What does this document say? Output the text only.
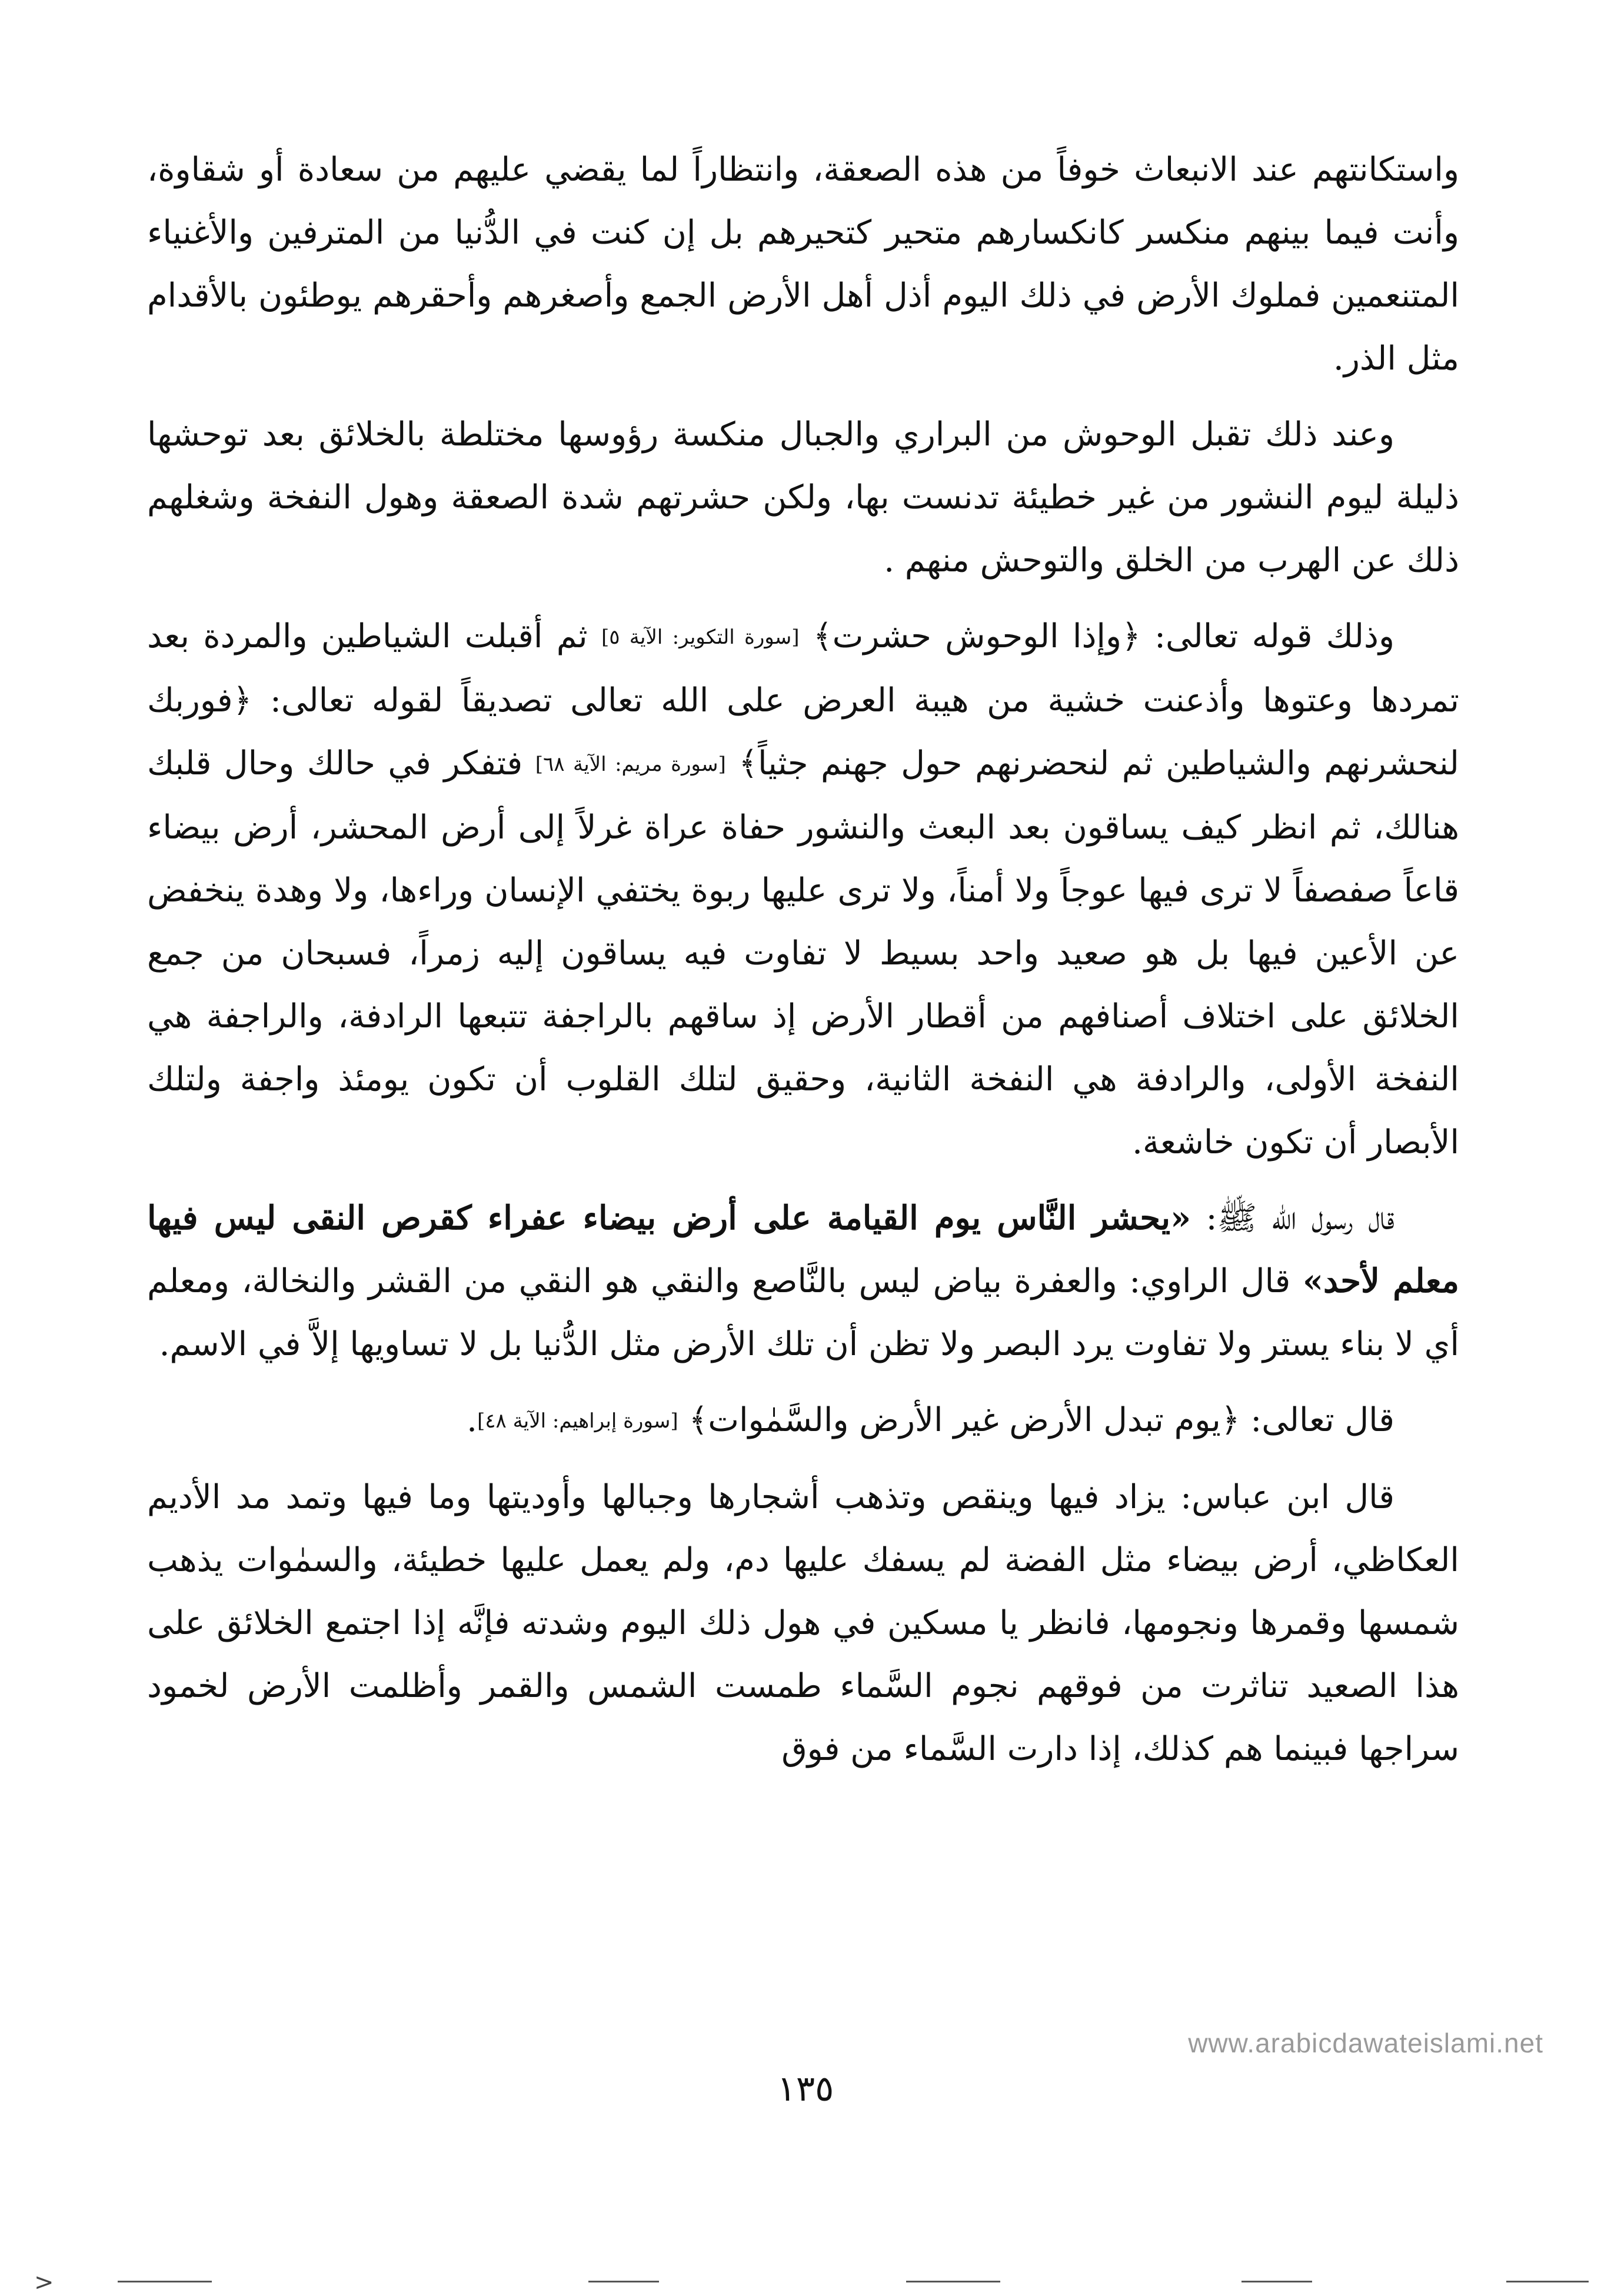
واستكانتهم عند الانبعاث خوفاً من هذه الصعقة، وانتظاراً لما يقضي عليهم من سعادة أو شقاوة، وأنت فيما بينهم منكسر كانكسارهم متحير كتحيرهم بل إن كنت في الدُّنيا من المترفين والأغنياء المتنعمين فملوك الأرض في ذلك اليوم أذل أهل الأرض الجمع وأصغرهم وأحقرهم يوطئون بالأقدام مثل الذر.

وعند ذلك تقبل الوحوش من البراري والجبال منكسة رؤوسها مختلطة بالخلائق بعد توحشها ذليلة ليوم النشور من غير خطيئة تدنست بها، ولكن حشرتهم شدة الصعقة وهول النفخة وشغلهم ذلك عن الهرب من الخلق والتوحش منهم .

وذلك قوله تعالى: ﴿وإذا الوحوش حشرت﴾ [سورة التكوير: الآية ٥] ثم أقبلت الشياطين والمردة بعد تمردها وعتوها وأذعنت خشية من هيبة العرض على الله تعالى تصديقاً لقوله تعالى: ﴿فوربك لنحشرنهم والشياطين ثم لنحضرنهم حول جهنم جثياً﴾ [سورة مريم: الآية ٦٨] فتفكر في حالك وحال قلبك هنالك، ثم انظر كيف يساقون بعد البعث والنشور حفاة عراة غرلاً إلى أرض المحشر، أرض بيضاء قاعاً صفصفاً لا ترى فيها عوجاً ولا أمناً، ولا ترى عليها ربوة يختفي الإنسان وراءها، ولا وهدة ينخفض عن الأعين فيها بل هو صعيد واحد بسيط لا تفاوت فيه يساقون إليه زمراً، فسبحان من جمع الخلائق على اختلاف أصنافهم من أقطار الأرض إذ ساقهم بالراجفة تتبعها الرادفة، والراجفة هي النفخة الأولى، والرادفة هي النفخة الثانية، وحقيق لتلك القلوب أن تكون يومئذ واجفة ولتلك الأبصار أن تكون خاشعة.

قال رسول الله ﷺ: «يحشر النَّاس يوم القيامة على أرض بيضاء عفراء كقرص النقى ليس فيها معلم لأحد» قال الراوي: والعفرة بياض ليس بالنَّاصع والنقي هو النقي من القشر والنخالة، ومعلم أي لا بناء يستر ولا تفاوت يرد البصر ولا تظن أن تلك الأرض مثل الدُّنيا بل لا تساويها إلاَّ في الاسم.

قال تعالى: ﴿يوم تبدل الأرض غير الأرض والسَّمٰوات﴾ [سورة إبراهيم: الآية ٤٨].

قال ابن عباس: يزاد فيها وينقص وتذهب أشجارها وجبالها وأوديتها وما فيها وتمد مد الأديم العكاظي، أرض بيضاء مثل الفضة لم يسفك عليها دم، ولم يعمل عليها خطيئة، والسمٰوات يذهب شمسها وقمرها ونجومها، فانظر يا مسكين في هول ذلك اليوم وشدته فإنَّه إذا اجتمع الخلائق على هذا الصعيد تناثرت من فوقهم نجوم السَّماء طمست الشمس والقمر وأظلمت الأرض لخمود سراجها فبينما هم كذلك، إذا دارت السَّماء من فوق

www.arabicdawateislami.net
١٣٥
>
